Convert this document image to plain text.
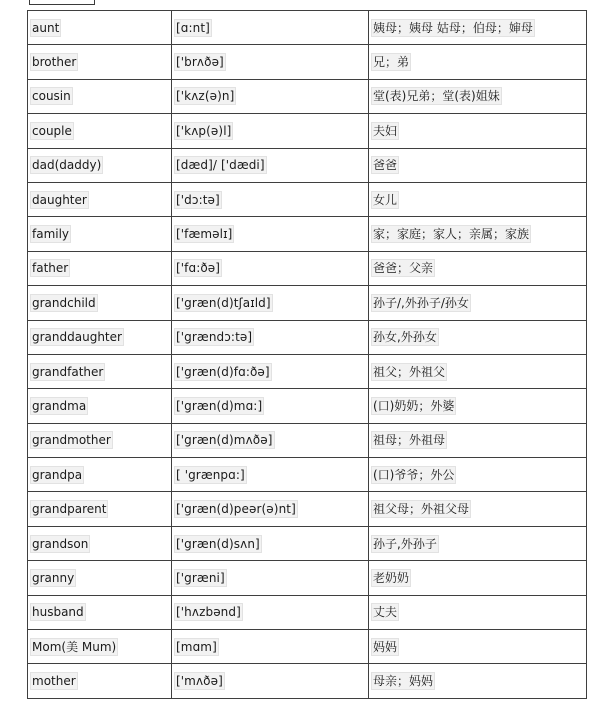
aunt	[ɑ:nt]	姨母；姨母 姑母；伯母；婶母
brother	['brʌðə]	兄；弟
cousin	['kʌz(ə)n]	堂(表)兄弟；堂(表)姐妹
couple	['kʌp(ə)l]	夫妇
dad(daddy)	[dæd]/ ['dædi]	爸爸
daughter	['dɔ:tə]	女儿
family	['fæməlɪ]	家；家庭；家人；亲属；家族
father	['fɑ:ðə]	爸爸；父亲
grandchild	['græn(d)tʃaɪld]	孙子/,外孙子/孙女
granddaughter	['grændɔ:tə]	孙女,外孙女
grandfather	['græn(d)fɑ:ðə]	祖父；外祖父
grandma	['græn(d)mɑ:]	(口)奶奶；外婆
grandmother	['græn(d)mʌðə]	祖母；外祖母
grandpa	[ 'grænpɑ:]	(口)爷爷；外公
grandparent	['græn(d)peər(ə)nt]	祖父母；外祖父母
grandson	['græn(d)sʌn]	孙子,外孙子
granny	['grӕni]	老奶奶
husband	['hʌzbənd]	丈夫
Mom(美 Mum)	[mɑm]	妈妈
mother	['mʌðə]	母亲；妈妈
